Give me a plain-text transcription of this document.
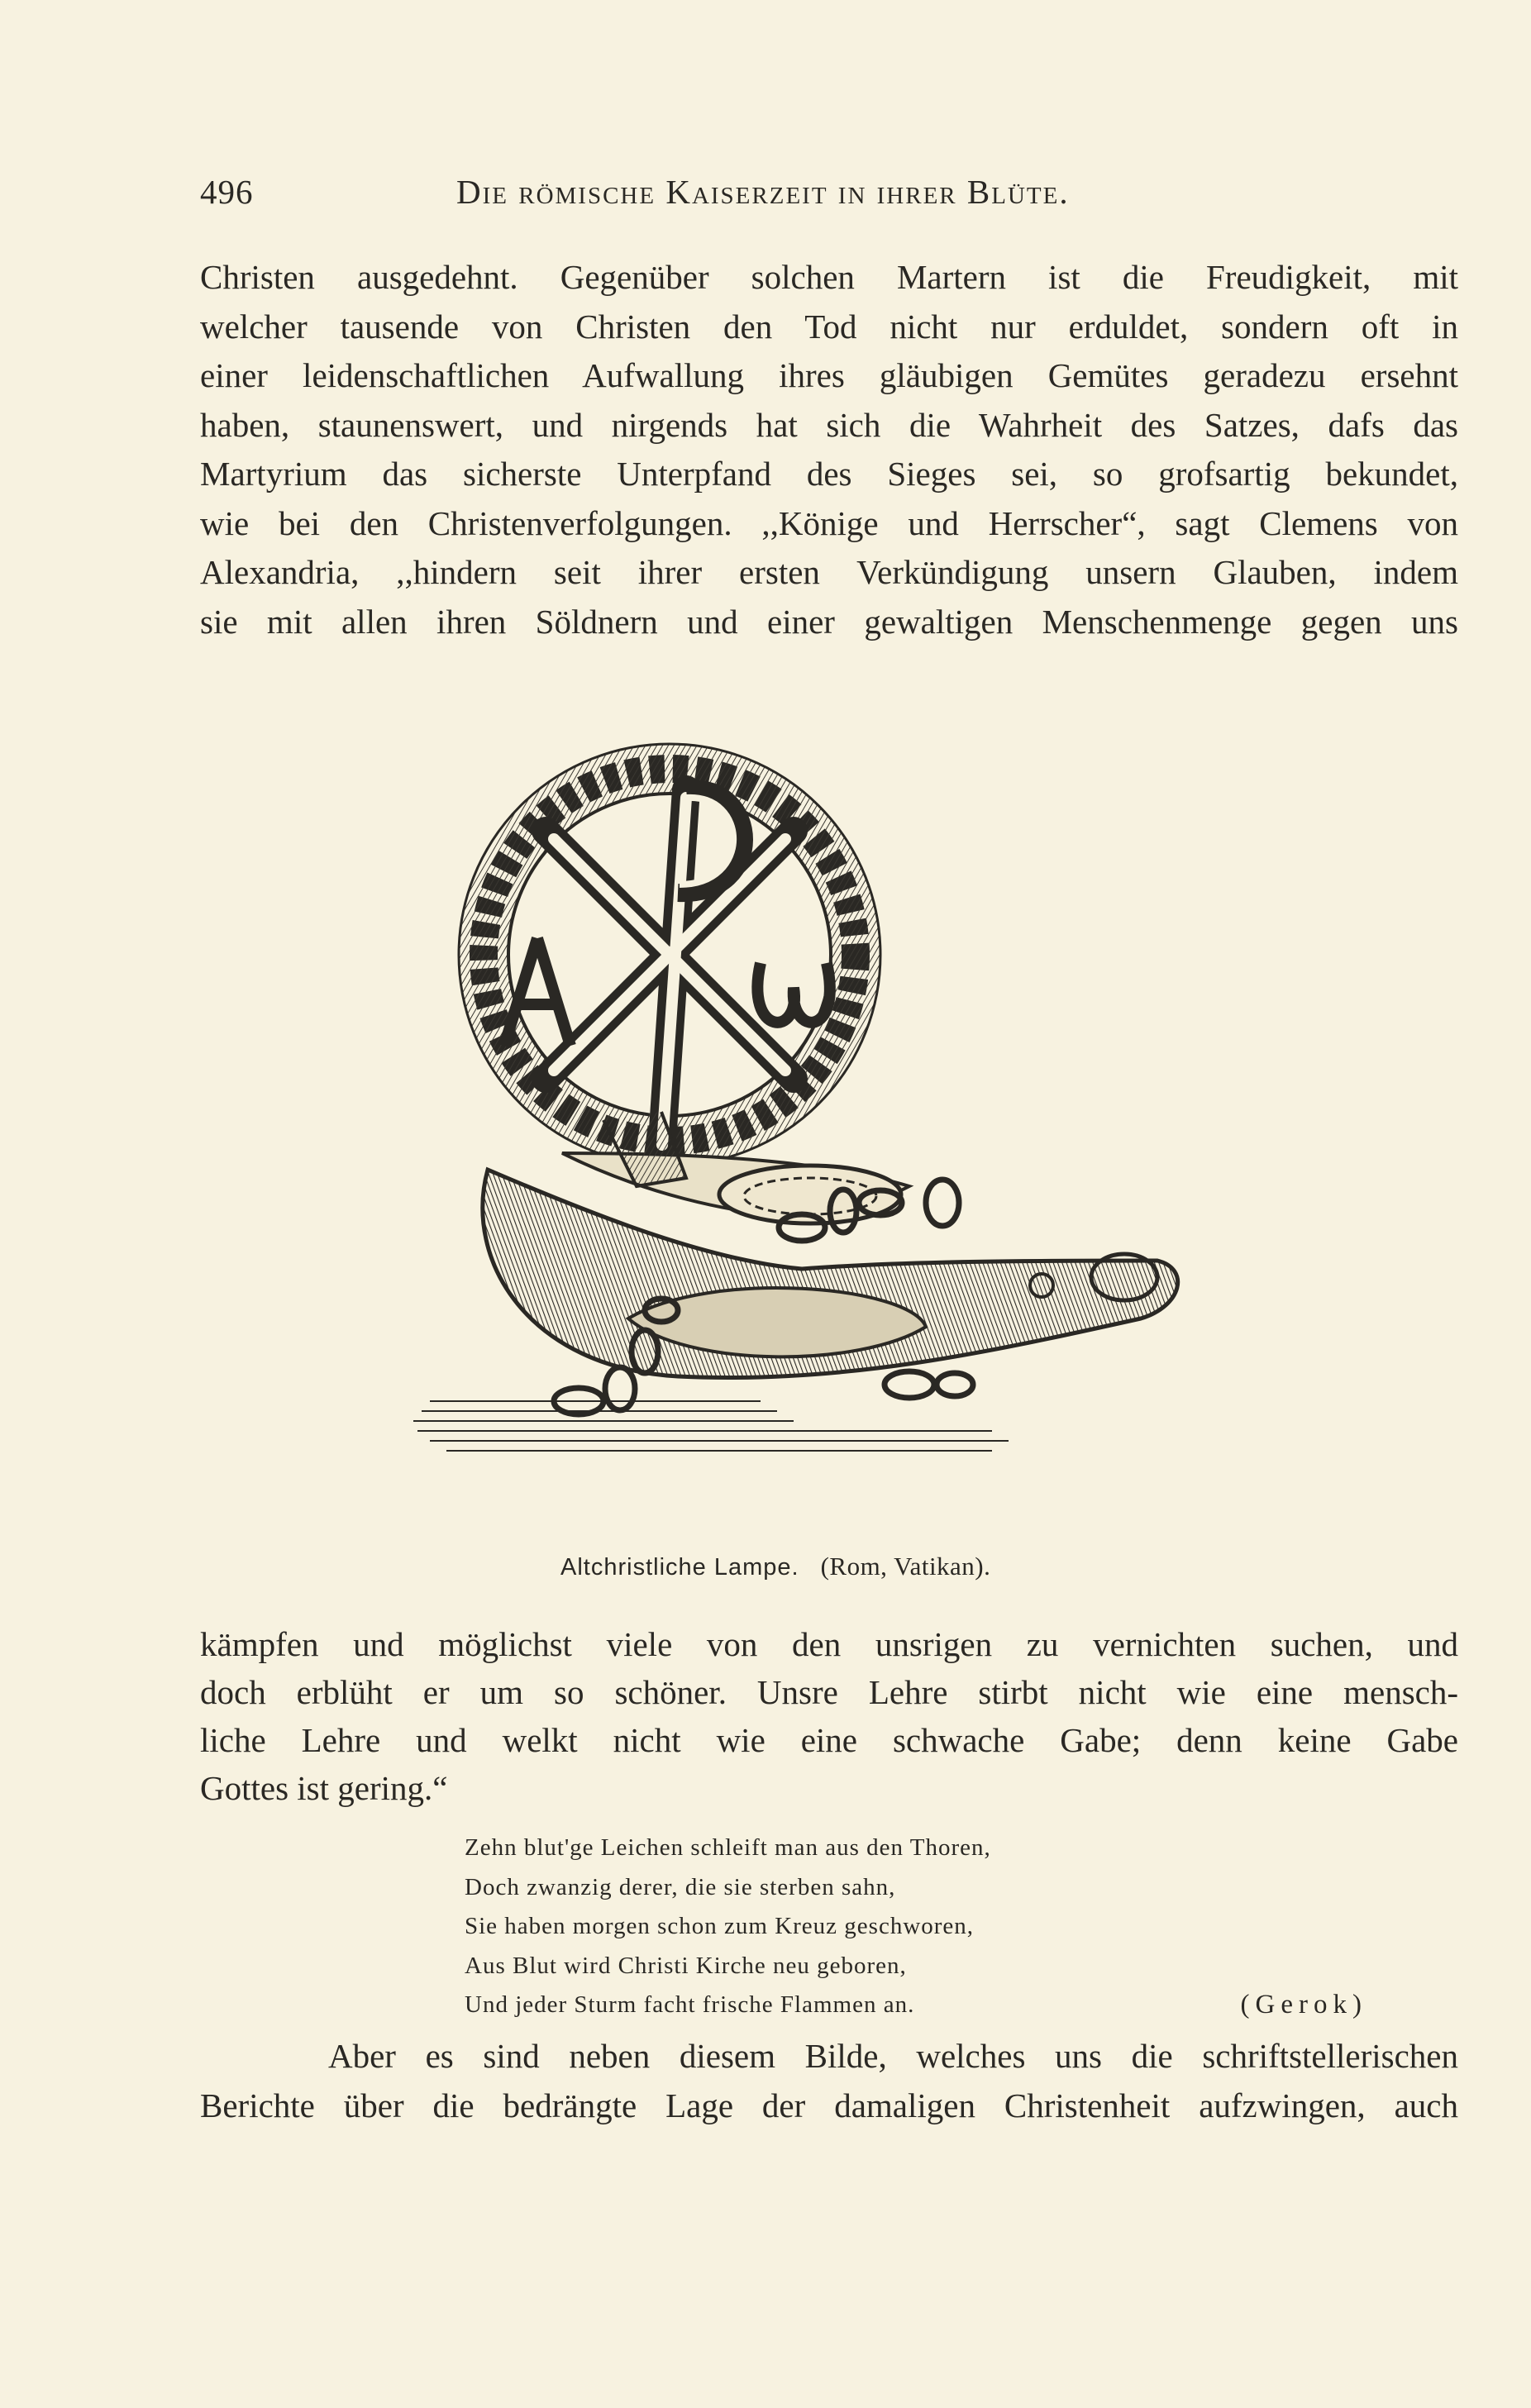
496	Die römische Kaiserzeit in ihrer Blüte.
Christen ausgedehnt. Gegenüber solchen Martern ist die Freudigkeit, mit
welcher tausende von Christen den Tod nicht nur erduldet, sondern oft in
einer leidenschaftlichen Aufwallung ihres gläubigen Gemütes geradezu ersehnt
haben, staunenswert, und nirgends hat sich die Wahrheit des Satzes, dafs das
Martyrium das sicherste Unterpfand des Sieges sei, so grofsartig bekundet,
wie bei den Christenverfolgungen. ,,Könige und Herrscher“, sagt Clemens von
Alexandria, ,,hindern seit ihrer ersten Verkündigung unsern Glauben, indem
sie mit allen ihren Söldnern und einer gewaltigen Menschenmenge gegen uns
Altchristliche Lampe. (Rom, Vatikan).
kämpfen und möglichst viele von den unsrigen zu vernichten suchen, und
doch erblüht er um so schöner. Unsre Lehre stirbt nicht wie eine mensch-
liche Lehre und welkt nicht wie eine schwache Gabe; denn keine Gabe
Gottes ist gering.“
Zehn blut'ge Leichen schleift man aus den Thoren,
Doch zwanzig derer, die sie sterben sahn,
Sie haben morgen schon zum Kreuz geschworen,
Aus Blut wird Christi Kirche neu geboren,
Und jeder Sturm facht frische Flammen an.	(Gerok)
Aber es sind neben diesem Bilde, welches uns die schriftstellerischen
Berichte über die bedrängte Lage der damaligen Christenheit aufzwingen, auch
